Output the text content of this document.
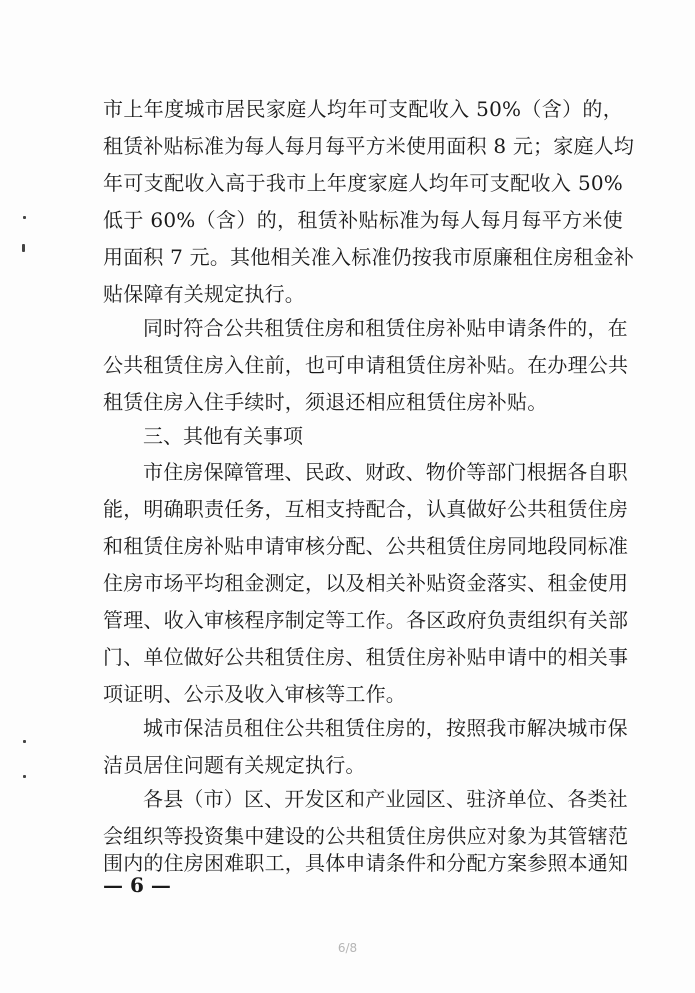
市上年度城市居民家庭人均年可支配收入 50%（含）的，
租赁补贴标准为每人每月每平方米使用面积 8 元；家庭人均
年可支配收入高于我市上年度家庭人均年可支配收入 50%
低于 60%（含）的，租赁补贴标准为每人每月每平方米使
用面积 7 元。其他相关准入标准仍按我市原廉租住房租金补
贴保障有关规定执行。
同时符合公共租赁住房和租赁住房补贴申请条件的，在
公共租赁住房入住前，也可申请租赁住房补贴。在办理公共
租赁住房入住手续时，须退还相应租赁住房补贴。
三、其他有关事项
市住房保障管理、民政、财政、物价等部门根据各自职
能，明确职责任务，互相支持配合，认真做好公共租赁住房
和租赁住房补贴申请审核分配、公共租赁住房同地段同标准
住房市场平均租金测定，以及相关补贴资金落实、租金使用
管理、收入审核程序制定等工作。各区政府负责组织有关部
门、单位做好公共租赁住房、租赁住房补贴申请中的相关事
项证明、公示及收入审核等工作。
城市保洁员租住公共租赁住房的，按照我市解决城市保
洁员居住问题有关规定执行。
各县（市）区、开发区和产业园区、驻济单位、各类社
会组织等投资集中建设的公共租赁住房供应对象为其管辖范
围内的住房困难职工，具体申请条件和分配方案参照本通知
— 6 —
6/8
